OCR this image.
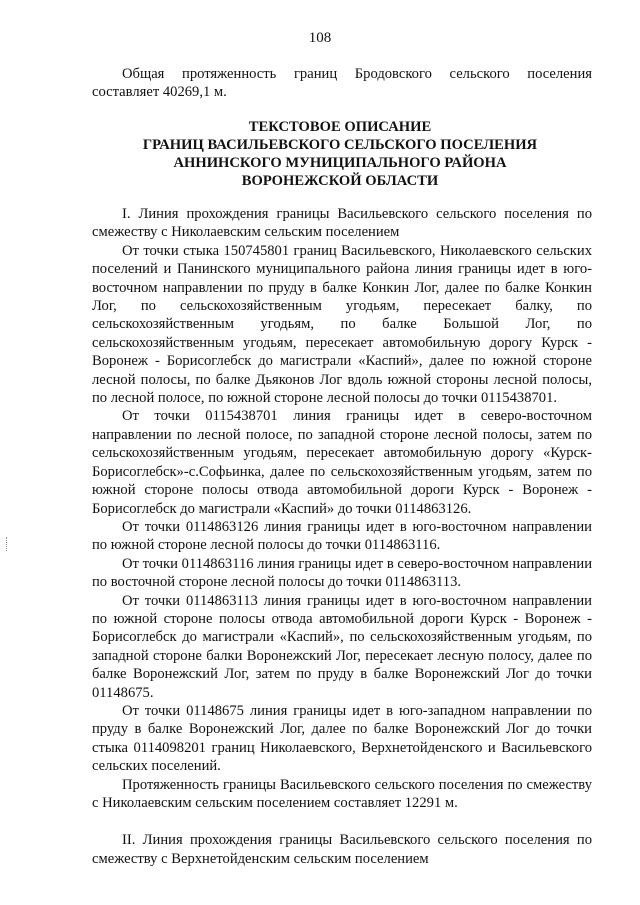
108

Общая протяженность границ Бродовского сельского поселения составляет 40269,1 м.

ТЕКСТОВОЕ ОПИСАНИЕ
ГРАНИЦ ВАСИЛЬЕВСКОГО СЕЛЬСКОГО ПОСЕЛЕНИЯ
АННИНСКОГО МУНИЦИПАЛЬНОГО РАЙОНА
ВОРОНЕЖСКОЙ ОБЛАСТИ

I. Линия прохождения границы Васильевского сельского поселения по смежеству с Николаевским сельским поселением

От точки стыка 150745801 границ Васильевского, Николаевского сельских поселений и Панинского муниципального района линия границы идет в юго-восточном направлении по пруду в балке Конкин Лог, далее по балке Конкин Лог, по сельскохозяйственным угодьям, пересекает балку, по сельскохозяйственным угодьям, по балке Большой Лог, по сельскохозяйственным угодьям, пересекает автомобильную дорогу Курск - Воронеж - Борисоглебск до магистрали «Каспий», далее по южной стороне лесной полосы, по балке Дьяконов Лог вдоль южной стороны лесной полосы, по лесной полосе, по южной стороне лесной полосы до точки 0115438701.

От точки 0115438701 линия границы идет в северо-восточном направлении по лесной полосе, по западной стороне лесной полосы, затем по сельскохозяйственным угодьям, пересекает автомобильную дорогу «Курск-Борисоглебск»-с.Софьинка, далее по сельскохозяйственным угодьям, затем по южной стороне полосы отвода автомобильной дороги Курск - Воронеж - Борисоглебск до магистрали «Каспий» до точки 0114863126.

От точки 0114863126 линия границы идет в юго-восточном направлении по южной стороне лесной полосы до точки 0114863116.

От точки 0114863116 линия границы идет в северо-восточном направлении по восточной стороне лесной полосы до точки 0114863113.

От точки 0114863113 линия границы идет в юго-восточном направлении по южной стороне полосы отвода автомобильной дороги Курск - Воронеж - Борисоглебск до магистрали «Каспий», по сельскохозяйственным угодьям, по западной стороне балки Воронежский Лог, пересекает лесную полосу, далее по балке Воронежский Лог, затем по пруду в балке Воронежский Лог до точки 01148675.

От точки 01148675 линия границы идет в юго-западном направлении по пруду в балке Воронежский Лог, далее по балке Воронежский Лог до точки стыка 0114098201 границ Николаевского, Верхнетойденского и Васильевского сельских поселений.

Протяженность границы Васильевского сельского поселения по смежеству с Николаевским сельским поселением составляет 12291 м.

II. Линия прохождения границы Васильевского сельского поселения по смежеству с Верхнетойденским сельским поселением
